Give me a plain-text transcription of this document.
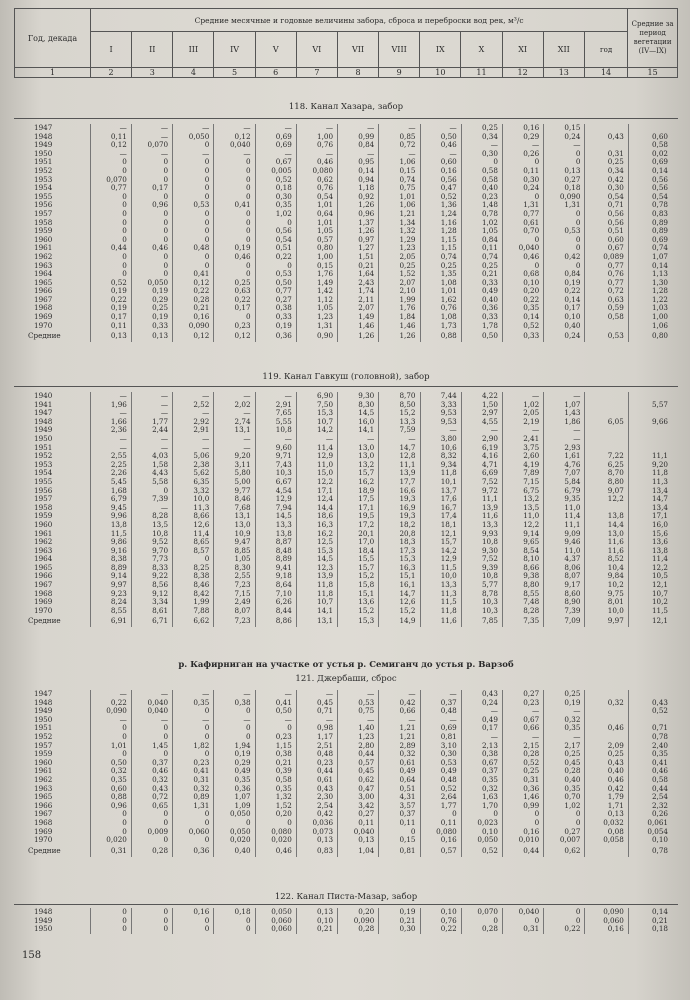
Год, декада	Средние месячные и годовые величины забора, сброса и переброски вод рек, м³/с													Средние за период вегетации (IV—IX)
	I	II	III	IV	V	VI	VII	VIII	IX	X	XI	XII	год	
1	2	3	4	5	6	7	8	9	10	11	12	13	14	15
118. Канал Хазара, забор
1947	—	—	—	—	—	—	—	—	—	0,25	0,16	0,15		
1948	0,11	—	0,050	0,12	0,69	1,00	0,99	0,85	0,50	0,34	0,29	0,24	0,43	0,60
1949	0,12	0,070	0	0,040	0,69	0,76	0,84	0,72	0,46	—	—	—		0,58
1950	—	—	—	—	—	—	—	—	—	0,30	0,26	0	0,31	0,02
1951	0	0	0	0	0,67	0,46	0,95	1,06	0,60	0	0	0	0,25	0,69
1952	0	0	0	0	0,005	0,080	0,14	0,15	0,16	0,58	0,11	0,13	0,34	0,14
1953	0,070	0	0	0	0,52	0,62	0,94	0,74	0,56	0,58	0,30	0,27	0,42	0,56
1954	0,77	0,17	0	0	0,18	0,76	1,18	0,75	0,47	0,40	0,24	0,18	0,30	0,56
1955	0	0	0	0	0,30	0,54	0,92	1,01	0,52	0,23	0	0,090	0,54	0,54
1956	0	0,96	0,53	0,41	0,35	1,01	1,26	1,06	1,36	1,48	1,31	1,31	0,71	0,78
1957	0	0	0	0	1,02	0,64	0,96	1,21	1,24	0,78	0,77	0	0,56	0,83
1958	0	0	0	0	0	1,01	1,37	1,34	1,16	1,02	0,61	0	0,56	0,89
1959	0	0	0	0	0,56	1,05	1,26	1,32	1,28	1,05	0,70	0,53	0,51	0,89
1960	0	0	0	0	0,54	0,57	0,97	1,29	1,15	0,84	0	0	0,60	0,69
1961	0,44	0,46	0,48	0,19	0,51	0,80	1,27	1,23	1,15	0,11	0,040	0	0,67	0,74
1962	0	0	0	0,46	0,22	1,00	1,51	2,05	0,74	0,74	0,46	0,42	0,089	1,07
1963	0	0	0	0	0	0,15	0,21	0,25	0,25	0,25	0	0	0,77	0,14
1964	0	0	0,41	0	0,53	1,76	1,64	1,52	1,35	0,21	0,68	0,84	0,76	1,13
1965	0,52	0,050	0,12	0,25	0,50	1,49	2,43	2,07	1,08	0,33	0,10	0,19	0,77	1,30
1966	0,19	0,19	0,22	0,63	0,77	1,42	1,74	2,10	1,01	0,49	0,20	0,22	0,72	1,28
1967	0,22	0,29	0,28	0,22	0,27	1,12	2,11	1,99	1,62	0,40	0,22	0,14	0,63	1,22
1968	0,19	0,25	0,21	0,17	0,38	1,05	2,07	1,76	0,76	0,36	0,35	0,17	0,59	1,03
1969	0,17	0,19	0,16	0	0,33	1,23	1,49	1,84	1,08	0,33	0,14	0,10	0,58	1,00
1970	0,11	0,33	0,090	0,23	0,19	1,31	1,46	1,46	1,73	1,78	0,52	0,40		1,06
Средние	0,13	0,13	0,12	0,12	0,36	0,90	1,26	1,26	0,88	0,50	0,33	0,24	0,53	0,80
119. Канал Гавкуш (головной), забор
1940	—	—	—	—	—	6,90	9,30	8,70	7,44	4,22	—	—		
1941	1,96	—	2,52	2,02	2,91	7,50	8,30	8,50	3,33	1,50	1,02	1,07		5,57
1947	—	—	—	—	7,65	15,3	14,5	15,2	9,53	2,97	2,05	1,43		
1948	1,66	1,77	2,92	2,74	5,55	10,7	16,0	13,3	9,53	4,55	2,19	1,86	6,05	9,66
1949	2,36	2,44	2,91	13,1	10,8	14,2	14,1	7,59	—	—	—	—		
1950	—	—	—	—	—	—	—	—	3,80	2,90	2,41	—		
1951	—	—	—	—	9,60	11,4	13,0	14,7	10,6	6,19	3,75	2,93		
1952	2,55	4,03	5,06	9,20	9,71	12,9	13,0	12,8	8,32	4,16	2,60	1,61	7,22	11,1
1953	2,25	1,58	2,38	3,11	7,43	11,0	13,2	11,1	9,34	4,71	4,19	4,76	6,25	9,20
1954	2,26	4,43	5,62	5,80	10,3	15,0	15,7	13,9	11,8	6,69	7,89	7,07	8,70	11,8
1955	5,45	5,58	6,35	5,00	6,67	12,2	16,2	17,7	10,1	7,52	7,15	5,84	8,80	11,3
1956	1,68	0	3,32	9,77	4,54	17,1	18,9	16,6	13,7	9,72	6,75	6,79	9,07	13,4
1957	6,79	7,39	10,0	8,46	12,9	12,4	17,5	19,3	17,6	11,1	13,2	9,35	12,2	14,7
1958	9,45	—	11,3	7,68	7,94	14,4	17,1	16,9	16,7	13,9	13,5	11,0		13,4
1959	9,96	8,28	8,66	13,1	14,5	18,6	19,5	19,3	17,4	11,6	11,0	11,4	13,8	17,1
1960	13,8	13,5	12,6	13,0	13,3	16,3	17,2	18,2	18,1	13,3	12,2	11,1	14,4	16,0
1961	11,5	10,8	11,4	10,9	13,8	16,2	20,1	20,8	12,1	9,93	9,14	9,09	13,0	15,6
1962	9,86	9,52	8,65	9,47	8,87	12,5	17,0	18,3	15,7	10,8	9,65	9,46	11,6	13,6
1963	9,16	9,70	8,57	8,85	8,48	15,3	18,4	17,3	14,2	9,30	8,54	11,0	11,6	13,8
1964	8,38	7,73	0	1,05	8,89	14,5	15,5	15,3	12,9	7,52	8,10	4,37	8,52	11,4
1965	8,89	8,33	8,25	8,30	9,41	12,3	15,7	16,3	11,5	9,39	8,66	8,06	10,4	12,2
1966	9,14	9,22	8,38	2,55	9,18	13,9	15,2	15,1	10,0	10,8	9,38	8,07	9,84	10,5
1967	9,97	8,56	8,46	7,23	8,64	11,8	15,8	16,1	13,3	5,77	8,80	9,17	10,2	12,1
1968	9,23	9,12	8,42	7,15	7,10	11,8	15,1	14,7	11,3	8,78	8,55	8,60	9,75	10,7
1969	8,24	3,34	1,99	2,49	6,26	10,7	13,6	12,6	11,5	10,3	7,48	8,90	8,01	10,2
1970	8,55	8,61	7,88	8,07	8,44	14,1	15,2	15,2	11,8	10,3	8,28	7,39	10,0	11,5
Средние	6,91	6,71	6,62	7,23	8,86	13,1	15,3	14,9	11,6	7,85	7,35	7,09	9,97	12,1
р. Кафирниган на участке от устья р. Семиганч до устья р. Варзоб
121. Джербаши, сброс
1947	—	—	—	—	—	—	—	—	—	0,43	0,27	0,25		
1948	0,22	0,040	0,35	0,38	0,41	0,45	0,53	0,42	0,37	0,24	0,23	0,19	0,32	0,43
1949	0,090	0,040	0	0	0,50	0,71	0,75	0,66	0,48	—	—	—		0,52
1950	—	—	—	—	—	—	—	—	—	0,49	0,67	0,32		
1951	0	0	0	0	0	0,98	1,40	1,21	0,69	0,17	0,66	0,35	0,46	0,71
1952	0	0	0	0	0,23	1,17	1,23	1,21	0,81	—	—	—		0,78
1957	1,01	1,45	1,82	1,94	1,15	2,51	2,80	2,89	3,10	2,13	2,15	2,17	2,09	2,40
1959	0	0	0	0,19	0,38	0,48	0,44	0,32	0,30	0,38	0,28	0,25	0,25	0,35
1960	0,50	0,37	0,23	0,29	0,21	0,23	0,57	0,61	0,53	0,67	0,52	0,45	0,43	0,41
1961	0,32	0,46	0,41	0,49	0,39	0,44	0,45	0,49	0,49	0,37	0,25	0,28	0,40	0,46
1962	0,35	0,32	0,31	0,35	0,58	0,61	0,62	0,64	0,48	0,35	0,31	0,40	0,46	0,58
1963	0,60	0,43	0,32	0,36	0,35	0,43	0,47	0,51	0,52	0,32	0,36	0,35	0,42	0,44
1965	0,88	0,72	0,89	1,07	1,32	2,30	3,00	4,31	2,64	1,63	1,46	0,70	1,79	2,54
1966	0,96	0,65	1,31	1,09	1,52	2,54	3,42	3,57	1,77	1,70	0,99	1,02	1,71	2,32
1967	0	0	0	0,050	0,20	0,42	0,27	0,37	0	0	0	0	0,13	0,26
1968	0	0	0	0	0	0,036	0,11	0,11	0,11	0,023	0	0	0,032	0,061
1969	0	0,009	0,060	0,050	0,080	0,073	0,040	0	0,080	0,10	0,16	0,27	0,08	0,054
1970	0,020	0	0	0,020	0,020	0,13	0,13	0,15	0,16	0,050	0,010	0,007	0,058	0,10
Средние	0,31	0,28	0,36	0,40	0,46	0,83	1,04	0,81	0,57	0,52	0,44	0,62		0,78
122. Канал Писта-Мазар, забор
1948	0	0	0,16	0,18	0,050	0,13	0,20	0,19	0,10	0,070	0,040	0	0,090	0,14
1949	0	0	0	0	0,060	0,10	0,090	0,21	0,76	0	0	0	0,060	0,21
1950	0	0	0	0	0,060	0,21	0,28	0,30	0,22	0,28	0,31	0,22	0,16	0,18
158
